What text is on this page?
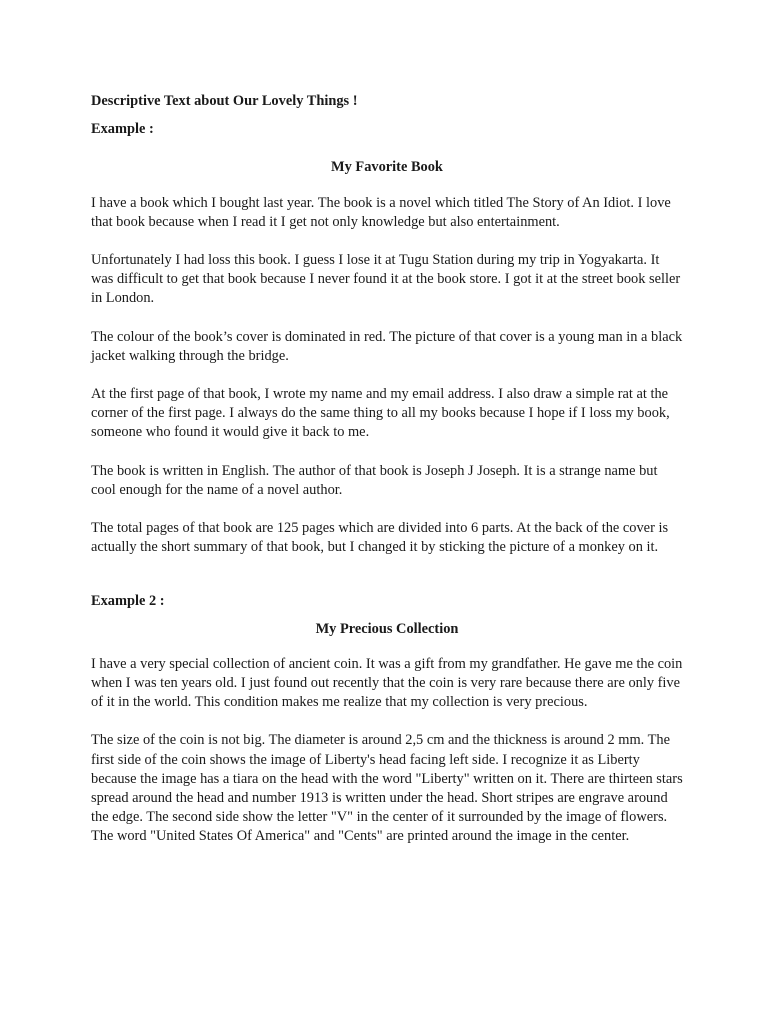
Descriptive Text about Our Lovely Things !

Example :

My Favorite Book

I have a book which I bought last year. The book is a novel which titled The Story of An Idiot. I love that book because when I read it I get not only knowledge but also entertainment.

Unfortunately I had loss this book. I guess I lose it at Tugu Station during my trip in Yogyakarta. It was difficult to get that book because I never found it at the book store. I got it at the street book seller in London.

The colour of the book’s cover is dominated in red. The picture of that cover is a young man in a black jacket walking through the bridge.

At the first page of that book, I wrote my name and my email address. I also draw a simple rat at the corner of the first page. I always do the same thing to all my books because I hope if I loss my book, someone who found it would give it back to me.

The book is written in English. The author of that book is Joseph J Joseph. It is a strange name but cool enough for the name of a novel author.

The total pages of that book are 125 pages which are divided into 6 parts. At the back of the cover is actually the short summary of that book, but I changed it by sticking the picture of a monkey on it.

Example 2 :

My Precious Collection

I have a very special collection of ancient coin. It was a gift from my grandfather. He gave me the coin when I was ten years old. I just found out recently that the coin is very rare because there are only five of it in the world. This condition makes me realize that my collection is very precious.

The size of the coin is not big. The diameter is around 2,5 cm and the thickness is around 2 mm. The first side of the coin shows the image of Liberty's head facing left side. I recognize it as Liberty because the image has a tiara on the head with the word "Liberty" written on it. There are thirteen stars spread around the head and number 1913 is written under the head. Short stripes are engrave around the edge. The second side show the letter "V" in the center of it surrounded by the image of flowers. The word "United States Of America" and "Cents" are printed around the image in the center.
